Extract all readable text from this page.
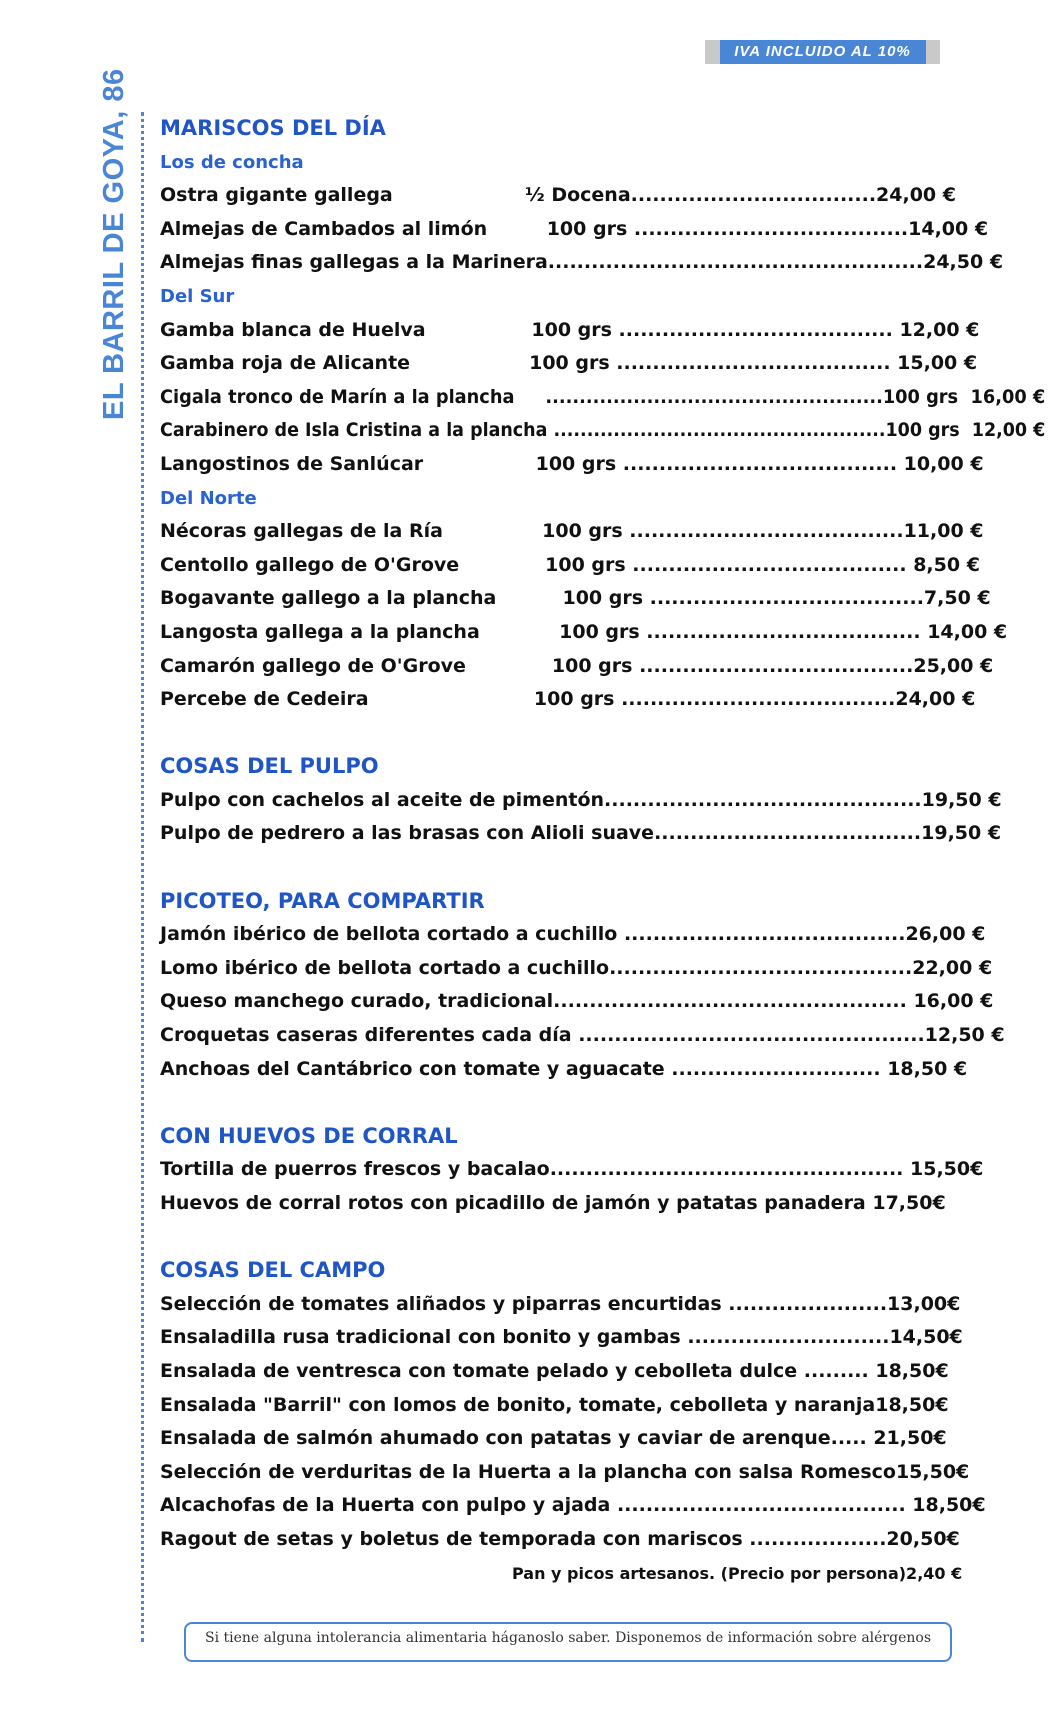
IVA INCLUIDO AL 10%
EL BARRIL DE GOYA, 86 MARISCOS DEL DÍA
Los de concha
Ostra gigante gallega                    ½ Docena..................................24,00 €
Almejas de Cambados al limón         100 grs ......................................14,00 €
Almejas finas gallegas a la Marinera....................................................24,50 €
Del Sur
Gamba blanca de Huelva                100 grs ...................................... 12,00 €
Gamba roja de Alicante                  100 grs ...................................... 15,00 €
Cigala tronco de Marín a la plancha     ..................................................100 grs  16,00 €
Carabinero de Isla Cristina a la plancha ..................................................100 grs  12,00 €
Langostinos de Sanlúcar                 100 grs ...................................... 10,00 €
Del Norte
Nécoras gallegas de la Ría               100 grs ......................................11,00 €
Centollo gallego de O'Grove             100 grs ...................................... 8,50 €
Bogavante gallego a la plancha          100 grs ......................................7,50 €
Langosta gallega a la plancha            100 grs ...................................... 14,00 €
Camarón gallego de O'Grove             100 grs ......................................25,00 €
Percebe de Cedeira                         100 grs ......................................24,00 €
COSAS DEL PULPO
Pulpo con cachelos al aceite de pimentón............................................19,50 €
Pulpo de pedrero a las brasas con Alioli suave.....................................19,50 €
PICOTEO, PARA COMPARTIR
Jamón ibérico de bellota cortado a cuchillo .......................................26,00 €
Lomo ibérico de bellota cortado a cuchillo..........................................22,00 €
Queso manchego curado, tradicional................................................. 16,00 €
Croquetas caseras diferentes cada día ................................................12,50 €
Anchoas del Cantábrico con tomate y aguacate ............................. 18,50 €
CON HUEVOS DE CORRAL
Tortilla de puerros frescos y bacalao................................................. 15,50€
Huevos de corral rotos con picadillo de jamón y patatas panadera 17,50€
COSAS DEL CAMPO
Selección de tomates aliñados y piparras encurtidas ......................13,00€
Ensaladilla rusa tradicional con bonito y gambas ............................14,50€
Ensalada de ventresca con tomate pelado y cebolleta dulce ......... 18,50€
Ensalada "Barril" con lomos de bonito, tomate, cebolleta y naranja18,50€
Ensalada de salmón ahumado con patatas y caviar de arenque..... 21,50€
Selección de verduritas de la Huerta a la plancha con salsa Romesco15,50€
Alcachofas de la Huerta con pulpo y ajada ........................................ 18,50€
Ragout de setas y boletus de temporada con mariscos ...................20,50€
Pan y picos artesanos. (Precio por persona)2,40 €
Si tiene alguna intolerancia alimentaria háganoslo saber. Disponemos de información sobre alérgenos
